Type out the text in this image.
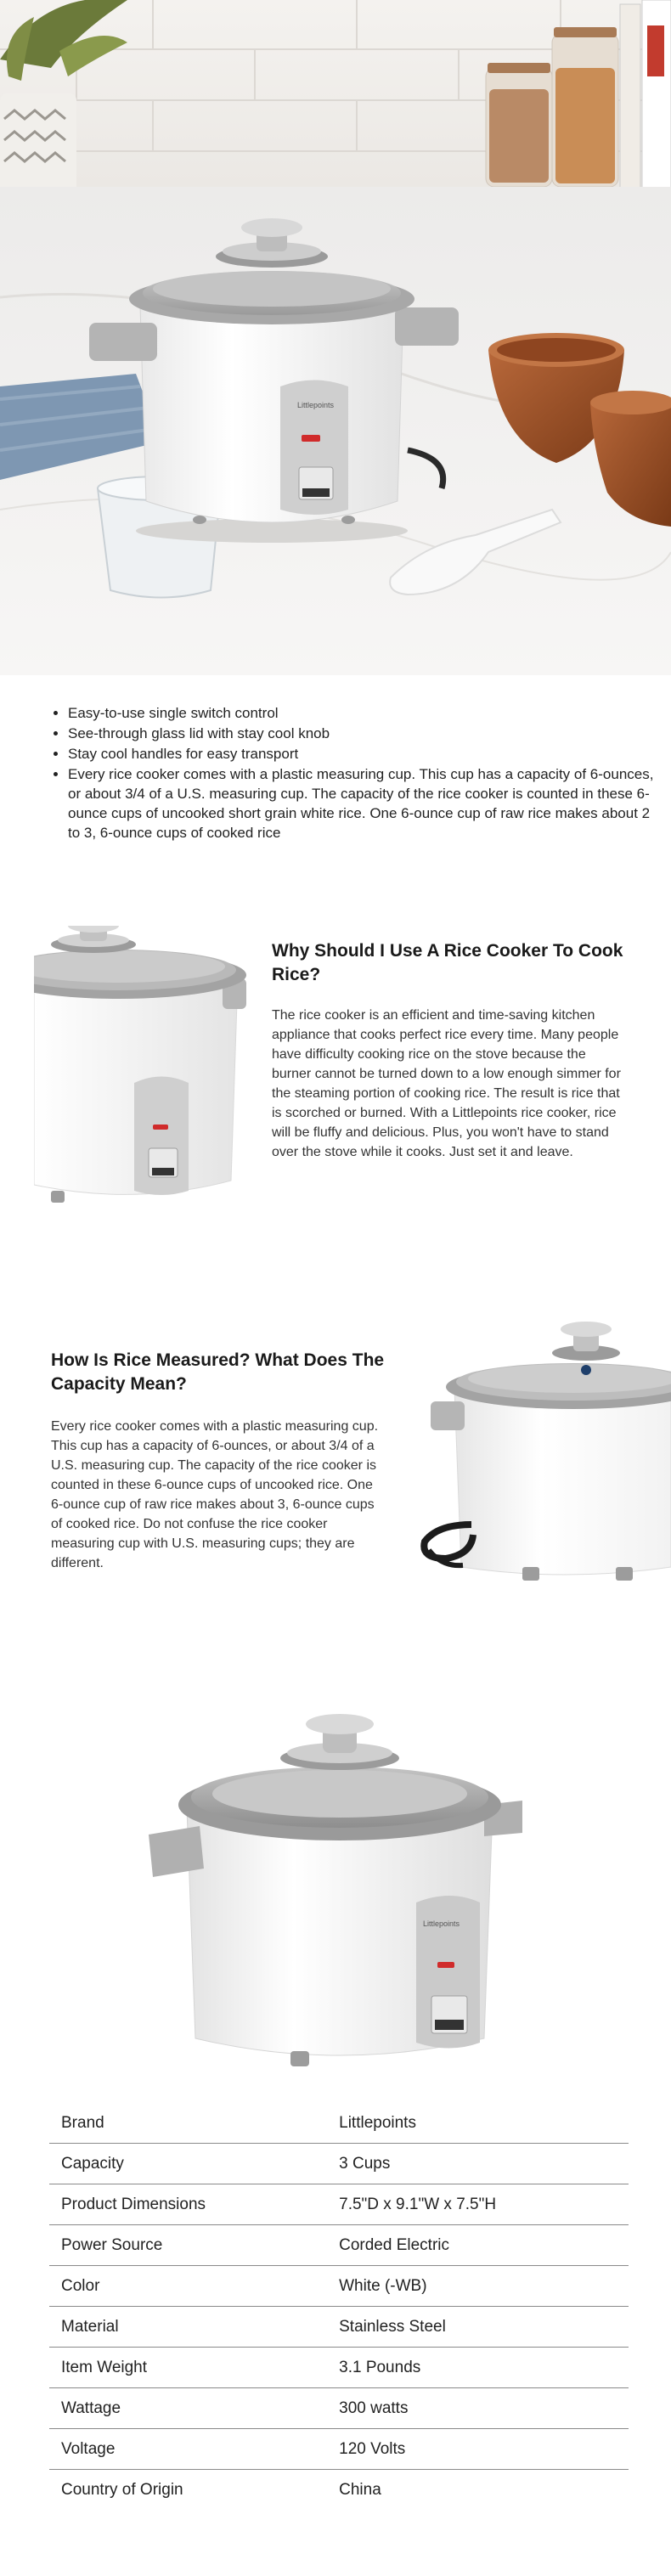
Littlepoints
• Easy-to-use single switch control
• See-through glass lid with stay cool knob
• Stay cool handles for easy transport
• Every rice cooker comes with a plastic measuring cup. This cup has a capacity of 6-ounces, or about 3/4 of a U.S. measuring cup. The capacity of the rice cooker is counted in these 6-ounce cups of uncooked short grain white rice. One 6-ounce cup of raw rice makes about 2 to 3, 6-ounce cups of cooked rice
Why Should I Use A Rice Cooker To Cook Rice?

The rice cooker is an efficient and time-saving kitchen appliance that cooks perfect rice every time. Many people have difficulty cooking rice on the stove because the burner cannot be turned down to a low enough simmer for the steaming portion of cooking rice. The result is rice that is scorched or burned. With a Littlepoints rice cooker, rice will be fluffy and delicious. Plus, you won't have to stand over the stove while it cooks. Just set it and leave.

How Is Rice Measured? What Does The Capacity Mean?

Every rice cooker comes with a plastic measuring cup. This cup has a capacity of 6-ounces, or about 3/4 of a U.S. measuring cup. The capacity of the rice cooker is counted in these 6-ounce cups of uncooked rice. One 6-ounce cup of raw rice makes about 3, 6-ounce cups of cooked rice. Do not confuse the rice cooker measuring cup with U.S. measuring cups; they are different.

Littlepoints
Brand	Littlepoints
Capacity	3 Cups
Product Dimensions	7.5"D x 9.1"W x 7.5"H
Power Source	Corded Electric
Color	White (-WB)
Material	Stainless Steel
Item Weight	3.1 Pounds
Wattage	300 watts
Voltage	120 Volts
Country of Origin	China
